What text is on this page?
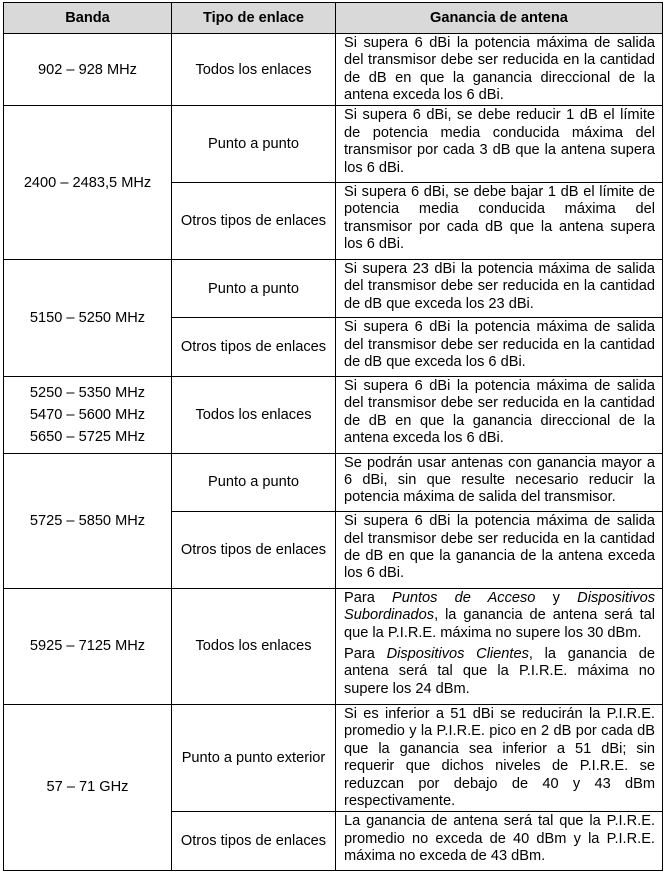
Banda	Tipo de enlace	Ganancia de antena

902 – 928 MHz	Todos los enlaces	Si supera 6 dBi la potencia máxima de salida del transmisor debe ser reducida en la cantidad de dB en que la ganancia direccional de la antena exceda los 6 dBi.

2400 – 2483,5 MHz	Punto a punto	Si supera 6 dBi, se debe reducir 1 dB el límite de potencia media conducida máxima del transmisor por cada 3 dB que la antena supera los 6 dBi.

	Otros tipos de enlaces	Si supera 6 dBi, se debe bajar 1 dB el límite de potencia media conducida máxima del transmisor por cada dB que la antena supera los 6 dBi.

5150 – 5250 MHz	Punto a punto	Si supera 23 dBi la potencia máxima de salida del transmisor debe ser reducida en la cantidad de dB que exceda los 23 dBi.

	Otros tipos de enlaces	Si supera 6 dBi la potencia máxima de salida del transmisor debe ser reducida en la cantidad de dB que exceda los 6 dBi.

5250 – 5350 MHz
5470 – 5600 MHz
5650 – 5725 MHz	Todos los enlaces	Si supera 6 dBi la potencia máxima de salida del transmisor debe ser reducida en la cantidad de dB en que la ganancia direccional de la antena exceda los 6 dBi.

5725 – 5850 MHz	Punto a punto	Se podrán usar antenas con ganancia mayor a 6 dBi, sin que resulte necesario reducir la potencia máxima de salida del transmisor.

	Otros tipos de enlaces	Si supera 6 dBi la potencia máxima de salida del transmisor debe ser reducida en la cantidad de dB en que la ganancia de la antena exceda los 6 dBi.

5925 – 7125 MHz	Todos los enlaces	Para Puntos de Acceso y Dispositivos Subordinados, la ganancia de antena será tal que la P.I.R.E. máxima no supere los 30 dBm.

Para Dispositivos Clientes, la ganancia de antena será tal que la P.I.R.E. máxima no supere los 24 dBm.

57 – 71 GHz	Punto a punto exterior	Si es inferior a 51 dBi se reducirán la P.I.R.E. promedio y la P.I.R.E. pico en 2 dB por cada dB que la ganancia sea inferior a 51 dBi; sin requerir que dichos niveles de P.I.R.E. se reduzcan por debajo de 40 y 43 dBm respectivamente.

	Otros tipos de enlaces	La ganancia de antena será tal que la P.I.R.E. promedio no exceda de 40 dBm y la P.I.R.E. máxima no exceda de 43 dBm.
